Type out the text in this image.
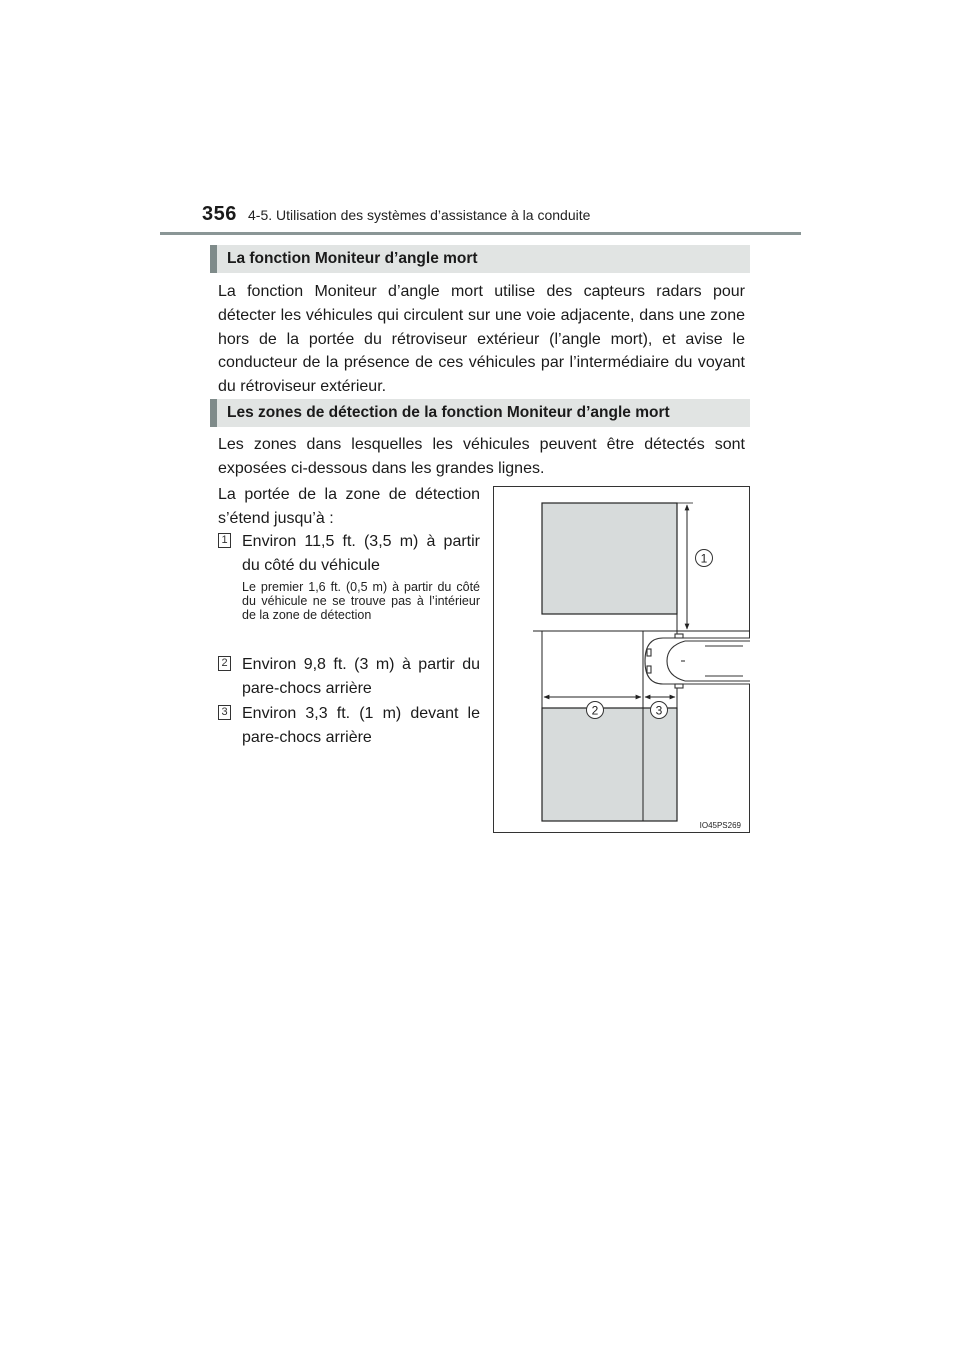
356 4-5. Utilisation des systèmes d’assistance à la conduite
La fonction Moniteur d’angle mort
La fonction Moniteur d’angle mort utilise des capteurs radars pour détecter les véhicules qui circulent sur une voie adjacente, dans une zone hors de la portée du rétroviseur extérieur (l’angle mort), et avise le conducteur de la présence de ces véhicules par l’intermédiaire du voyant du rétroviseur extérieur.
Les zones de détection de la fonction Moniteur d’angle mort
Les zones dans lesquelles les véhicules peuvent être détectés sont exposées ci-dessous dans les grandes lignes.
La portée de la zone de détection s’étend jusqu’à :
1 Environ 11,5 ft. (3,5 m) à partir du côté du véhicule
Le premier 1,6 ft. (0,5 m) à partir du côté du véhicule ne se trouve pas à l’intérieur de la zone de détection
2 Environ 9,8 ft. (3 m) à partir du pare-chocs arrière
3 Environ 3,3 ft. (1 m) devant le pare-chocs arrière
1
2	3
IO45PS269
